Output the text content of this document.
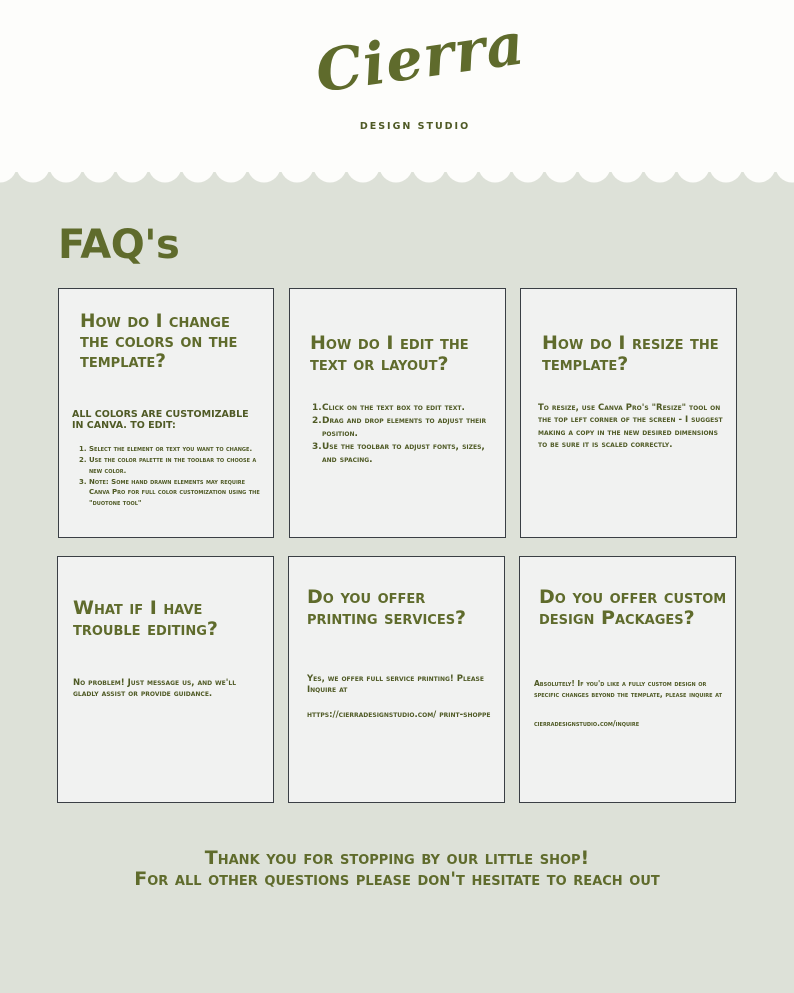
Cierra
DESIGN STUDIO
FAQ's
How do I change the colors on the template?
ALL COLORS ARE CUSTOMIZABLE IN CANVA. TO EDIT:
1. Select the element or text you want to change.
2. Use the color palette in the toolbar to choose a new color.
3. Note: Some hand drawn elements may require Canva Pro for full color customization using the "duotone tool"
How do I edit the text or layout?
1. Click on the text box to edit text.
2. Drag and drop elements to adjust their position.
3. Use the toolbar to adjust fonts, sizes, and spacing.
How do I resize the template?
To resize, use Canva Pro's "Resize" tool on the top left corner of the screen - I suggest making a copy in the new desired dimensions to be sure it is scaled correctly.
What if I have trouble editing?
No problem! Just message us, and we'll gladly assist or provide guidance.
Do you offer printing services?
Yes, we offer full service printing! Please Inquire at
https://cierradesignstudio.com/ print-shoppe
Do you offer custom design Packages?
Absolutely! If you'd like a fully custom design or specific changes beyond the template, please inquire at
cierradesignstudio.com/inquire
Thank you for stopping by our little shop!
For all other questions please don't hesitate to reach out
